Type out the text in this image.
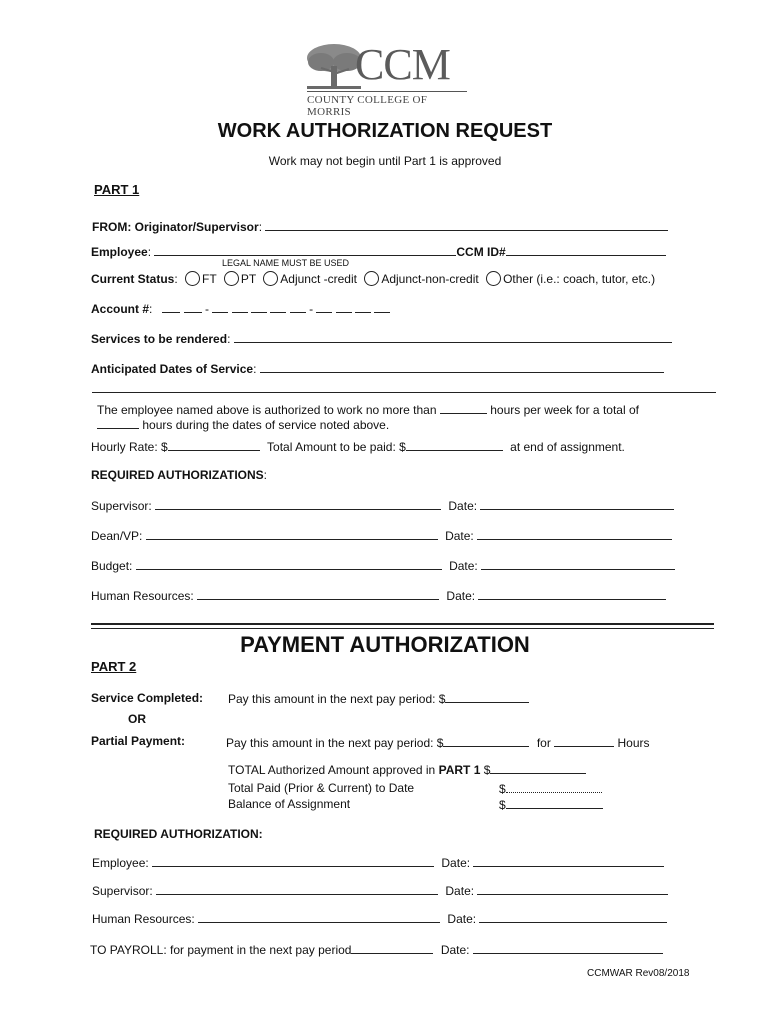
CCM
COUNTY COLLEGE OF MORRIS
WORK AUTHORIZATION REQUEST
Work may not begin until Part 1 is approved
PART 1
FROM: Originator/Supervisor:
Employee:	CCM ID#
LEGAL NAME MUST BE USED
Current Status: FT PT Adjunct -credit Adjunct-non-credit Other (i.e.: coach, tutor, etc.)
Account #:	-	-
Services to be rendered:
Anticipated Dates of Service:
The employee named above is authorized to work no more than	hours per week for a total of
hours during the dates of service noted above.
Hourly Rate: $	Total Amount to be paid: $	at end of assignment.
REQUIRED AUTHORIZATIONS:
Supervisor:	Date:
Dean/VP:	Date:
Budget:	Date:
Human Resources:	Date:
PAYMENT AUTHORIZATION
PART 2
Service Completed: Pay this amount in the next pay period: $
OR
Partial Payment:	Pay this amount in the next pay period: $	for	Hours
TOTAL Authorized Amount approved in PART 1 $
Total Paid (Prior & Current) to Date	$
Balance of Assignment	$
REQUIRED AUTHORIZATION:
Employee:	Date:
Supervisor:	Date:
Human Resources:	Date:
TO PAYROLL: for payment in the next pay period	Date:
CCMWAR Rev08/2018
